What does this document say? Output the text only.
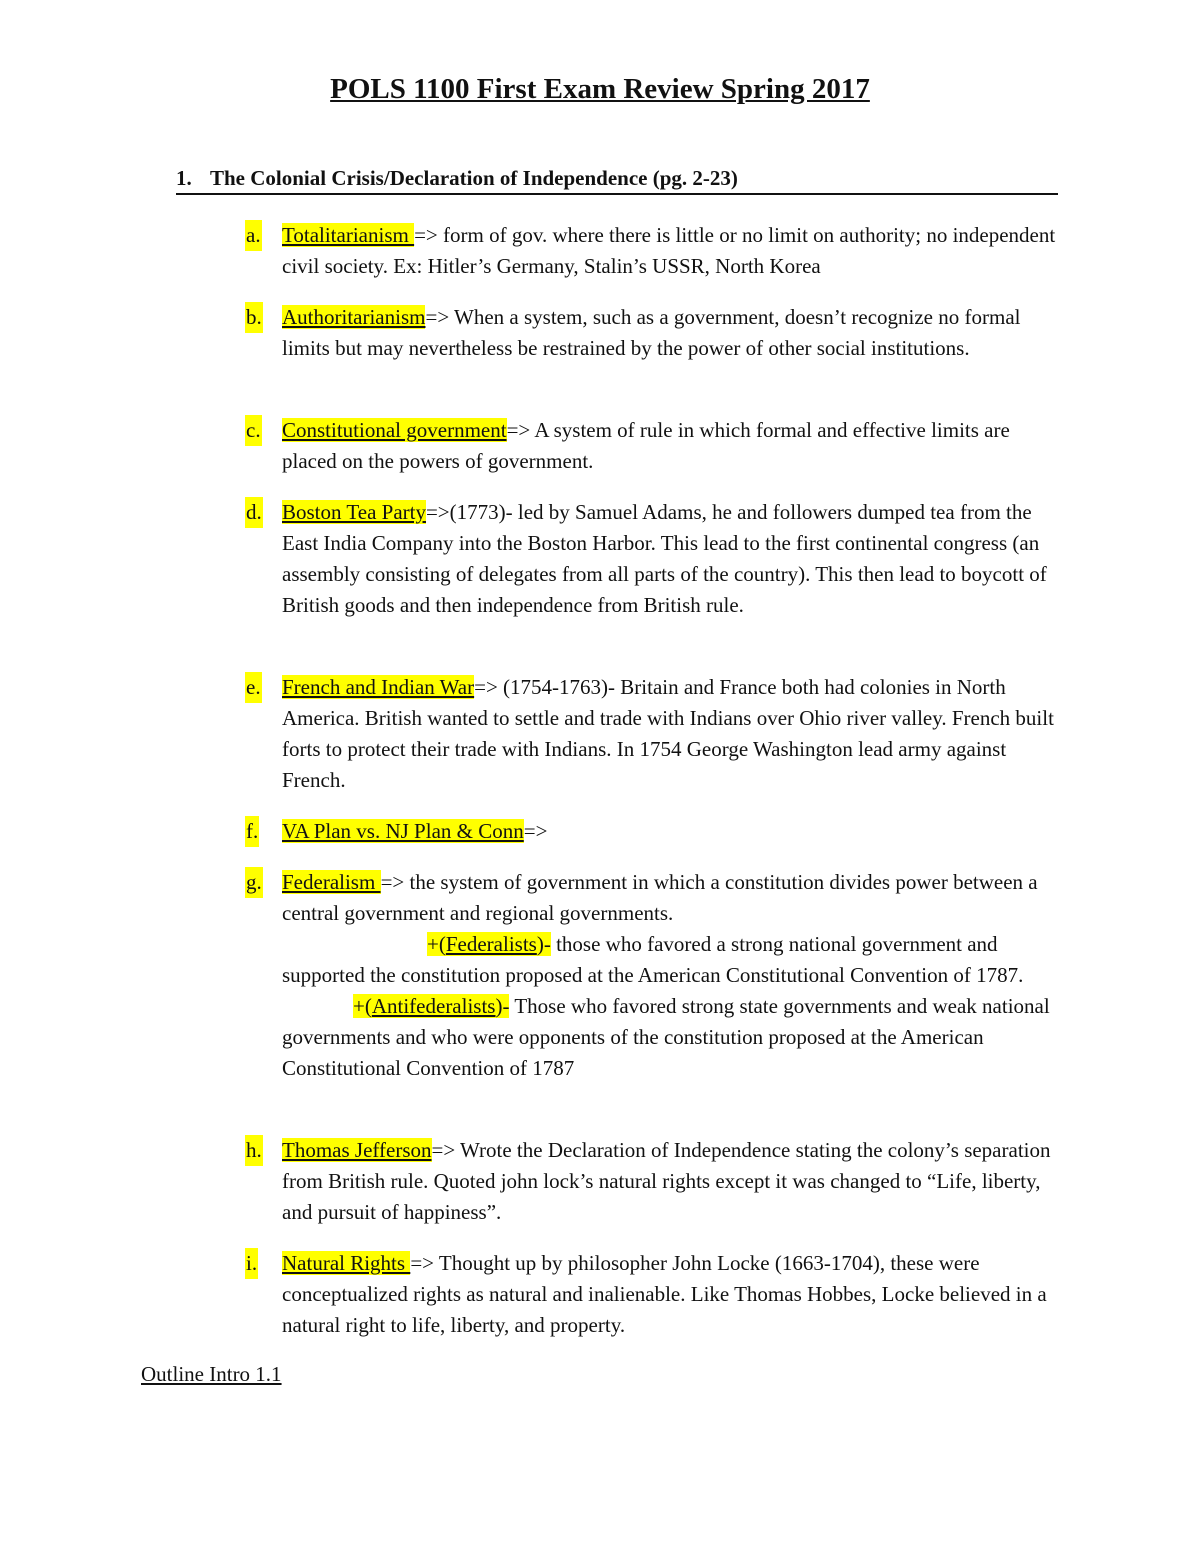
POLS 1100 First Exam Review Spring 2017
1. The Colonial Crisis/Declaration of Independence (pg. 2-23)
a. Totalitarianism => form of gov. where there is little or no limit on authority; no independent civil society. Ex: Hitler’s Germany, Stalin’s USSR, North Korea
b. Authoritarianism=> When a system, such as a government, doesn’t recognize no formal limits but may nevertheless be restrained by the power of other social institutions.
c. Constitutional government=> A system of rule in which formal and effective limits are placed on the powers of government.
d. Boston Tea Party=>(1773)- led by Samuel Adams, he and followers dumped tea from the East India Company into the Boston Harbor. This lead to the first continental congress (an assembly consisting of delegates from all parts of the country). This then lead to boycott of British goods and then independence from British rule.
e. French and Indian War=> (1754-1763)- Britain and France both had colonies in North America. British wanted to settle and trade with Indians over Ohio river valley. French built forts to protect their trade with Indians. In 1754 George Washington lead army against French.
f. VA Plan vs. NJ Plan & Conn=>
g. Federalism => the system of government in which a constitution divides power between a central government and regional governments.
+(Federalists)- those who favored a strong national government and supported the constitution proposed at the American Constitutional Convention of 1787.
+(Antifederalists)- Those who favored strong state governments and weak national governments and who were opponents of the constitution proposed at the American Constitutional Convention of 1787
h. Thomas Jefferson=> Wrote the Declaration of Independence stating the colony’s separation from British rule. Quoted john lock’s natural rights except it was changed to “Life, liberty, and pursuit of happiness”.
i. Natural Rights => Thought up by philosopher John Locke (1663-1704), these were conceptualized rights as natural and inalienable. Like Thomas Hobbes, Locke believed in a natural right to life, liberty, and property.
Outline Intro 1.1
